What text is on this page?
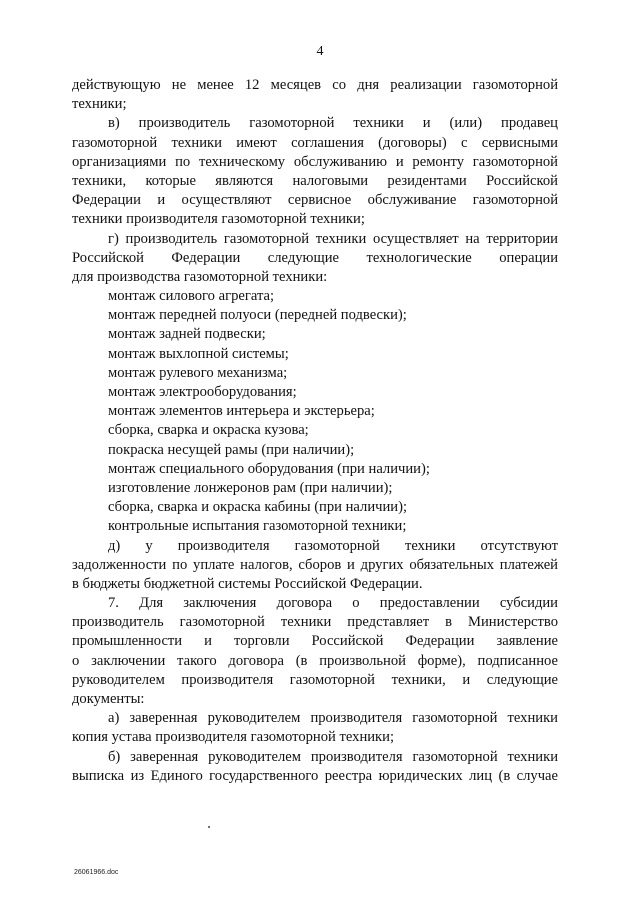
4
действующую не менее 12 месяцев со дня реализации газомоторной
техники;
в) производитель газомоторной техники и (или) продавец
газомоторной техники имеют соглашения (договоры) с сервисными
организациями по техническому обслуживанию и ремонту газомоторной
техники, которые являются налоговыми резидентами Российской
Федерации и осуществляют сервисное обслуживание газомоторной
техники производителя газомоторной техники;
г) производитель газомоторной техники осуществляет на территории
Российской Федерации следующие технологические операции
для производства газомоторной техники:
монтаж силового агрегата;
монтаж передней полуоси (передней подвески);
монтаж задней подвески;
монтаж выхлопной системы;
монтаж рулевого механизма;
монтаж электрооборудования;
монтаж элементов интерьера и экстерьера;
сборка, сварка и окраска кузова;
покраска несущей рамы (при наличии);
монтаж специального оборудования (при наличии);
изготовление лонжеронов рам (при наличии);
сборка, сварка и окраска кабины (при наличии);
контрольные испытания газомоторной техники;
д) у производителя газомоторной техники отсутствуют
задолженности по уплате налогов, сборов и других обязательных платежей
в бюджеты бюджетной системы Российской Федерации.
7. Для заключения договора о предоставлении субсидии
производитель газомоторной техники представляет в Министерство
промышленности и торговли Российской Федерации заявление
о заключении такого договора (в произвольной форме), подписанное
руководителем производителя газомоторной техники, и следующие
документы:
а) заверенная руководителем производителя газомоторной техники
копия устава производителя газомоторной техники;
б) заверенная руководителем производителя газомоторной техники
выписка из Единого государственного реестра юридических лиц (в случае
26061966.doc
